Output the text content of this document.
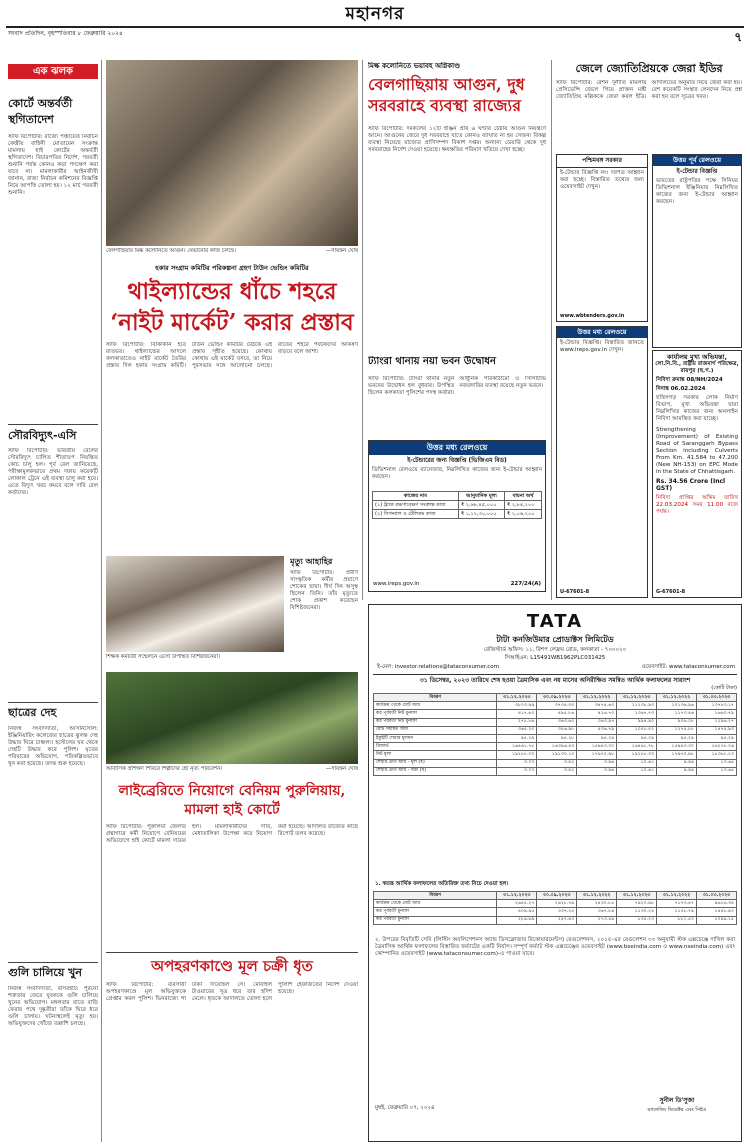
মহানগর
সংবাদ প্রতিদিন, বৃহস্পতিবার ৮ ফেব্রুয়ারি ২০২৪	৭
এক ঝলক
কোর্টে অন্তর্বর্তী স্থগিতাদেশ
স্টাফ রিপোর্টার: রাজ্যে পঞ্চায়েত নির্বাচন কেন্দ্রীয় বাহিনী মোতায়েন সংক্রান্ত মামলায় হাই কোর্টের অন্তর্বর্তী স্থগিতাদেশ। বিচারপতির নির্দেশ, পরবর্তী শুনানি পর্যন্ত কোনও কড়া পদক্ষেপ করা যাবে না। মামলাকারীর আইনজীবী জানান, রাজ্য নির্বাচন কমিশনের বিজ্ঞপ্তি নিয়ে আপত্তি তোলা হয়। ১২ মার্চ পরবর্তী শুনানি।
সৌরবিদ্যুৎ-এসি
স্টাফ রিপোর্টার: ভারতীয় রেলের সৌরবিদ্যুৎ চালিত শীতাতপ নিয়ন্ত্রিত কোচ চালু হল। পূর্ব রেল জানিয়েছে, পরীক্ষামূলকভাবে প্রথম দফায় কয়েকটি লোকাল ট্রেনে এই ব্যবস্থা চালু করা হবে। এতে বিদ্যুৎ খরচ কমবে বলে দাবি রেল কর্তাদের।
ছাত্রের দেহ
নিজস্ব সংবাদদাতা, আসানসোল: ইঞ্জিনিয়ারিং কলেজের ছাত্রের ঝুলন্ত দেহ উদ্ধার ঘিরে চাঞ্চল্য। হস্টেলের ঘর থেকে দেহটি উদ্ধার করে পুলিশ। মৃতের পরিবারের অভিযোগ, পরিকল্পিতভাবে খুন করা হয়েছে। তদন্ত শুরু হয়েছে।
গুলি চালিয়ে খুন
নিজস্ব সংবাদদাতা, বসিরহাট: পুরনো শত্রুতার জেরে যুবককে গুলি চালিয়ে খুনের অভিযোগ। মঙ্গলবার রাতে বাড়ি ফেরার পথে দুষ্কৃতীরা তাঁকে ঘিরে ধরে গুলি চালায়। ঘটনাস্থলেই মৃত্যু হয়। অভিযুক্তদের খোঁজে তল্লাশি চলছে।
বেলগাছিয়ার মিল্ক কলোনিতে আগুন। নেভানোর কাজ চলছে।	—সায়ন্তন ঘোষ
মিল্ক কলোনিতে ভয়াবহ অগ্নিকাণ্ড
বেলগাছিয়ায় আগুন, দুধ সরবরাহে ব্যবস্থা রাজ্যের
স্টাফ রিপোর্টার: দমকলের ১২টি ইঞ্জিন প্রায় ৬ ঘণ্টার চেষ্টায় আগুন নিয়ন্ত্রণে আনে। আগুনের জেরে দুধ সরবরাহে যাতে কোনও ব্যাঘাত না হয় সেজন্য বিকল্প ব্যবস্থা নিয়েছে রাজ্যের প্রাণিসম্পদ বিকাশ দপ্তর। অন্যান্য ডেয়ারি থেকে দুধ সরবরাহের নির্দেশ দেওয়া হয়েছে। ক্ষয়ক্ষতির পরিমাণ খতিয়ে দেখা হচ্ছে।
হকার সংগ্রাম কমিটির পরিকল্পনা গ্রহণ টাউন ভেন্ডিং কমিটির
থাইল্যান্ডের ধাঁচে শহরে ‘নাইট মার্কেট’ করার প্রস্তাব
স্টাফ রিপোর্টার: বিকিকিনি হবে রাতভর। থাইল্যান্ডের আদলে কলকাতাতেও নাইট মার্কেট তৈরির প্রস্তাব দিল হকার সংগ্রাম কমিটি। টাউন ভেন্ডিং কমিটির বৈঠকে এই প্রস্তাব গৃহীত হয়েছে। কোথায় কোথায় এই মার্কেট বসবে, তা নিয়ে পুরসভার সঙ্গে আলোচনা চলছে। রাতের শহরে পর্যটকদের আকর্ষণ বাড়বে বলে আশা।
ট্যাংরা থানায় নয়া ভবন উদ্বোধন
স্টাফ রিপোর্টার: ট্যাংরা থানার নতুন ভবনের উদ্বোধন হল বুধবার। উপস্থিত ছিলেন কলকাতা পুলিশের পদস্থ কর্তারা। আধুনিক পরিকাঠামো ও সিসিটিভি নজরদারির ব্যবস্থা রয়েছে নতুন ভবনে।
উত্তর মধ্য রেলওয়ে
ই-টেন্ডারের জন্য বিজ্ঞপ্তি (ভিজিএম বিড)
ডিভিশনাল রেলওয়ে ম্যানেজার, নিম্নলিখিত কাজের জন্য ই-টেন্ডার আহ্বান করছেন।
কাজের নাম	আনুমানিক মূল্য	বায়না অর্থ
(১) ট্র্যাক রক্ষণাবেক্ষণ সংক্রান্ত কাজ	₹ ২,৬৮,৪৫,০০০	₹ ২,৮৪,২০০
(২) সিগন্যাল ও টেলিকম কাজ	₹ ১,১২,৩০,০০০	₹ ২,০৬,২০০
www.ireps.gov.in	227/24(A)
শিক্ষক কর্মচারী সম্মেলনে এসো উপস্থিত বিশিষ্টজনেরা।
মৃত্যু আহাহির
স্টাফ রিপোর্টার: প্রবীণ সাংস্কৃতিক কর্মীর প্রয়াণে শোকের ছায়া। দীর্ঘ দিন অসুস্থ ছিলেন তিনি। তাঁর মৃত্যুতে শোক প্রকাশ করেছেন বিশিষ্টজনেরা।
আবাসিক প্রশিক্ষণ শিবিরে শিল্পীদের ছৌ নৃত্য পরিবেশন।	—সায়ন্তন ঘোষ
লাইব্রেরিতে নিয়োগে বেনিয়ম পুরুলিয়ায়, মামলা হাই কোর্টে
স্টাফ রিপোর্টার: পুরুলিয়া জেলার গ্রন্থাগারে কর্মী নিয়োগে বেনিয়মের অভিযোগে হাই কোর্টে মামলা দায়ের হল। মামলাকারীদের দাবি, মেধাতালিকা উপেক্ষা করে নিয়োগ করা হয়েছে। আদালত রাজ্যের কাছে রিপোর্ট তলব করেছে।
অপহরণকাণ্ডে মূল চক্রী ধৃত
স্টাফ রিপোর্টার: ব্যবসায়ী অপহরণকাণ্ডে মূল অভিযুক্তকে গ্রেপ্তার করল পুলিশ। ভিনরাজ্যে গা ঢাকা দিয়েছিল সে। মোবাইল টাওয়ারের সূত্র ধরে তার হদিশ মেলে। ধৃতকে আদালতে তোলা হলে পুলিশি হেফাজতের নির্দেশ দেওয়া হয়েছে।
জেলে জ্যোতিপ্রিয়কে জেরা ইডির
স্টাফ রিপোর্টার: রেশন দুর্নীতি মামলায় প্রেসিডেন্সি জেলে গিয়ে প্রাক্তন মন্ত্রী জ্যোতিপ্রিয় মল্লিককে জেরা করল ইডি। আদালতের অনুমতি নিয়ে জেরা করা হয়। বেশ কয়েকটি সংস্থার লেনদেন নিয়ে প্রশ্ন করা হয় বলে সূত্রের খবর।
পশ্চিমবঙ্গ সরকার
ই-টেন্ডার বিজ্ঞপ্তি নং। দরপত্র আহ্বান করা হচ্ছে। বিস্তারিত তথ্যের জন্য ওয়েবসাইট দেখুন।
www.wbtenders.gov.in
উত্তর পূর্ব রেলওয়ে
ই-টেন্ডার বিজ্ঞপ্তি
ভারতের রাষ্ট্রপতির পক্ষে সিনিয়র ডিভিশনাল ইঞ্জিনিয়ার নিম্নলিখিত কাজের জন্য ই-টেন্ডার আহ্বান করছেন।
উত্তর মধ্য রেলওয়ে
ই-টেন্ডার বিজ্ঞপ্তি। বিস্তারিত জানতে www.ireps.gov.in দেখুন।
U-67601-8
কার্যালয় মুখ্য অভিযন্তা,
লো.নি.বি., রাষ্ট্রীয় রাজমার্গ পরিক্ষেত্র, রায়পুর (ছ.গ.)
নিবিদা ক্রমাঙ্ক 08/NH/2024
দিনাঙ্ক 06.02.2024
ছত্তিসগড় সরকার লোক নির্মাণ বিভাগ, মুখ্য অভিযন্তা দ্বারা নিম্নলিখিত কাজের জন্য অনলাইন নিবিদা আমন্ত্রিত করা যাচ্ছে।
Strengthening (Improvement) of Existing Road of Saranggarh Bypass Section including Culverts From Km. 41.584 to 47.200 (New NH-153) on EPC Mode in the State of Chhattisgarh.
Rs. 34.56 Crore (Incl GST)
নিবিদা প্রাপ্তির অন্তিম তারিখ 22.03.2024 সময় 11.00 বজে পর্যন্ত।
G-67601-8
TATA
টাটা কনজিউমার প্রোডাক্টস লিমিটেড
রেজিস্টার্ড অফিস: ১১, বিশপ লেফ্রয় রোড, কলকাতা - ৭০০০২০
সিআইএন: L15491WB1962PLC031425
ই-মেল: investor.relations@tataconsumer.com	ওয়েবসাইট: www.tataconsumer.com
৩১ ডিসেম্বর, ২০২৩ তারিখে শেষ হওয়া ত্রৈমাসিক এবং নয় মাসের অনিরীক্ষিত সমন্বিত আর্থিক ফলাফলের সারাংশ
(কোটি টাকা)
বিবরণ	৩১.১২.২০২৩	৩০.০৯.২০২৩	৩১.১২.২০২২	৩১.১২.২০২৩	৩১.১২.২০২২	৩১.০৩.২০২৩
কার্যক্রম থেকে মোট আয়	৩৮০৩.৯৯	৩৭৩৪.৩৩	৩৪৭৪.৬৩	১১২৩৮.৯৩	১০১৩৬.৯৬	১৩৭৮৩.১৭
কর পূর্ববর্তী নিট মুনাফা	৪১৭.৬০	৪৯৫.৮৬	৪২৬.৭০	১৩৬৭.৭৩	১১৭৩.৪৬	১৬৬৩.৭৯
কর পরবর্তী নিট মুনাফা	২৭৮.৮৬	৩৬৩.৬৫	৩৬৩.৯৭	৯৯৪.৯০	৯০৬.০৮	১২৯৬.২৭
মোট সমন্বিত আয়	৩৬৫.২৩	৩৫৬.৯৮	৫৩৬.৭৯	১০৫৮.৫২	১২৭৪.৮৮	১৪৭৪.৯৩
ইকুইটি শেয়ার মূলধন	৯৫.২৯	৯৫.২৮	৯৫.২৯	৯৫.২৯	৯৫.২৯	৯৫.২৯
রিজার্ভ	১৬৪৬১.৭৮	১৬৩৯৬.৪৩	১৫৯৪৩.৩০	১৬৪৬১.৭৮	১৫৯৪৩.৩০	১৬২৭৮.০৬
নিট মূল্য	১৯২৮৮.৩৩	১৯১৩০.১৩	১৭৯৭০.৯৮	১৯২৮৮.৩৩	১৭৯৭০.৯৮	১৮৩৬১.২৩
শেয়ার প্রতি আয় - মূল (₹)	৩.০৩	৩.৯২	৩.৯৬	১০.৬১	৯.৯৯	১৩.৬৫
শেয়ার প্রতি আয় - মিশ্র (₹)	৩.০৩	৩.৯২	৩.৯৬	১০.৬১	৯.৯৯	১৩.৬৫
১. স্বতন্ত্র আর্থিক ফলাফলের অতিরিক্ত তথ্য নিচে দেওয়া হল।
বিবরণ	৩১.১২.২০২৩	৩০.০৯.২০২৩	৩১.১২.২০২২	৩১.১২.২০২৩	৩১.১২.২০২২	৩১.০৩.২০২৩
কার্যক্রম থেকে মোট আয়	২৬৫৫.২৭	২৬২৮.৭৯	২৪৩০.৮৫	৭৯২০.৯৮	৭১৭৩.৪৭	৯৬১৬.৩৪
কর পূর্ববর্তী মুনাফা	৪০৯.৯৫	৩৩৭.২৫	৩৬৭.৮৬	১১৩০.২৪	১১৫৮.৭৯	১৪৪৮.৯০
কর পরবর্তী মুনাফা	২৮৬.৬৯	২৪৭.৬৩	২৭৩.৪৬	৮৩৫.২৩	৮৮২.৫০	১০৯৯.১৫
২. উপরের বিবৃতিটি সেবি (লিস্টিং অবলিগেশনস অ্যান্ড ডিসক্লোজার রিকোয়ারমেন্টস) রেগুলেশনস, ২০১৫-এর রেগুলেশন ৩৩ অনুযায়ী স্টক এক্সচেঞ্জে দাখিল করা ত্রৈমাসিক আর্থিক ফলাফলের বিস্তারিত ফর্ম্যাটের একটি নির্যাস। সম্পূর্ণ ফর্ম্যাট স্টক এক্সচেঞ্জের ওয়েবসাইট (www.bseindia.com ও www.nseindia.com) এবং কোম্পানির ওয়েবসাইট (www.tataconsumer.com)-এ পাওয়া যাবে।
মুম্বই, ফেব্রুয়ারি ০৭, ২০২৪
সুনীল ডি'সুজা
ম্যানেজিং ডিরেক্টর এবং সিইও
